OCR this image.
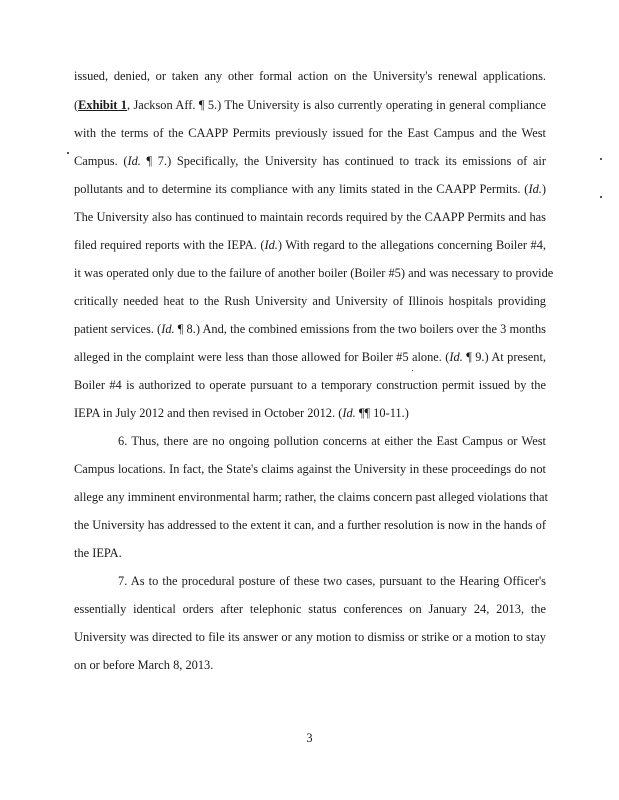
issued, denied, or taken any other formal action on the University's renewal applications.
(Exhibit 1, Jackson Aff. ¶ 5.) The University is also currently operating in general compliance
with the terms of the CAAPP Permits previously issued for the East Campus and the West
Campus. (Id. ¶ 7.) Specifically, the University has continued to track its emissions of air
pollutants and to determine its compliance with any limits stated in the CAAPP Permits. (Id.)
The University also has continued to maintain records required by the CAAPP Permits and has
filed required reports with the IEPA. (Id.) With regard to the allegations concerning Boiler #4,
it was operated only due to the failure of another boiler (Boiler #5) and was necessary to provide
critically needed heat to the Rush University and University of Illinois hospitals providing
patient services. (Id. ¶ 8.) And, the combined emissions from the two boilers over the 3 months
alleged in the complaint were less than those allowed for Boiler #5 alone. (Id. ¶ 9.) At present,
Boiler #4 is authorized to operate pursuant to a temporary construction permit issued by the
IEPA in July 2012 and then revised in October 2012. (Id. ¶¶ 10-11.)
6. Thus, there are no ongoing pollution concerns at either the East Campus or West
Campus locations. In fact, the State's claims against the University in these proceedings do not
allege any imminent environmental harm; rather, the claims concern past alleged violations that
the University has addressed to the extent it can, and a further resolution is now in the hands of
the IEPA.
7. As to the procedural posture of these two cases, pursuant to the Hearing Officer's
essentially identical orders after telephonic status conferences on January 24, 2013, the
University was directed to file its answer or any motion to dismiss or strike or a motion to stay
on or before March 8, 2013.
3
